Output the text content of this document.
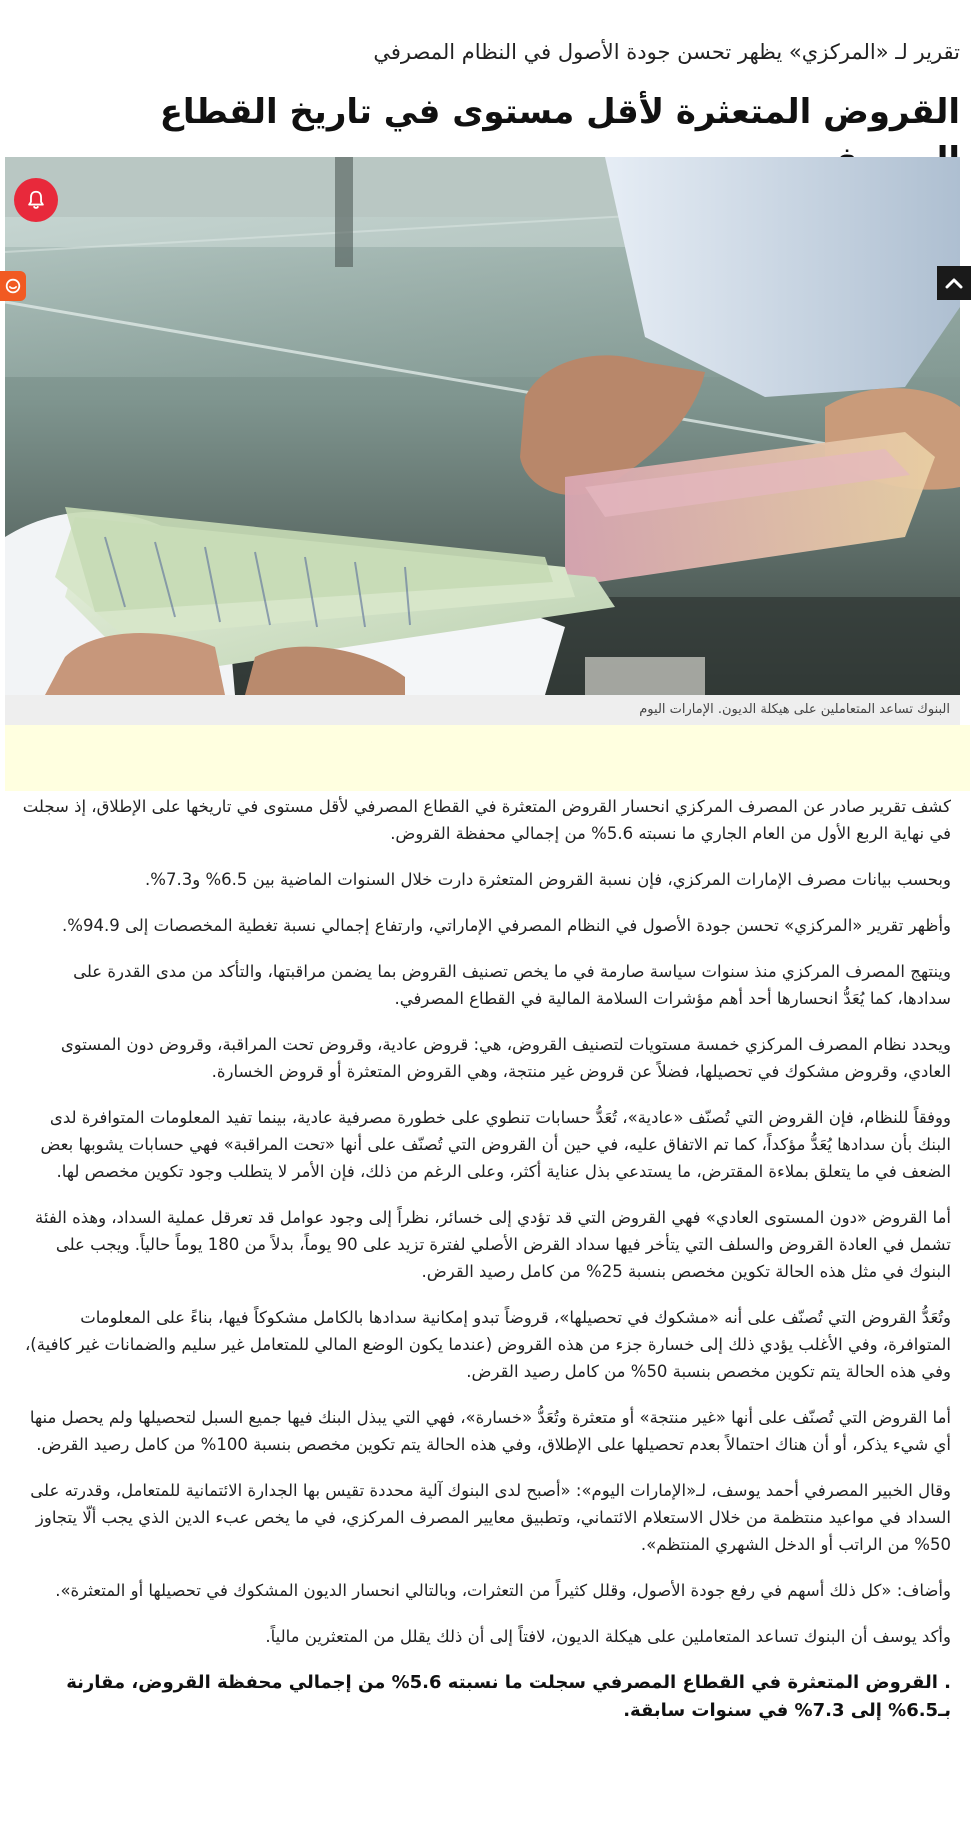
تقرير لـ «المركزي» يظهر تحسن جودة الأصول في النظام المصرفي
القروض المتعثرة لأقل مستوى في تاريخ القطاع
البنوك تساعد المتعاملين على هيكلة الديون. الإمارات اليوم

كشف تقرير صادر عن المصرف المركزي انحسار القروض المتعثرة في القطاع المصرفي لأقل مستوى في تاريخها على الإطلاق، إذ سجلت في نهاية الربع الأول من العام الجاري ما نسبته 5.6% من إجمالي محفظة القروض.

وبحسب بيانات مصرف الإمارات المركزي، فإن نسبة القروض المتعثرة دارت خلال السنوات الماضية بين 6.5% و7.3%.

وأظهر تقرير «المركزي» تحسن جودة الأصول في النظام المصرفي الإماراتي، وارتفاع إجمالي نسبة تغطية المخصصات إلى 94.9%.

وينتهج المصرف المركزي منذ سنوات سياسة صارمة في ما يخص تصنيف القروض بما يضمن مراقبتها، والتأكد من مدى القدرة على سدادها، كما يُعَدُّ انحسارها أحد أهم مؤشرات السلامة المالية في القطاع المصرفي.

ويحدد نظام المصرف المركزي خمسة مستويات لتصنيف القروض، هي: قروض عادية، وقروض تحت المراقبة، وقروض دون المستوى العادي، وقروض مشكوك في تحصيلها، فضلاً عن قروض غير منتجة، وهي القروض المتعثرة أو قروض الخسارة.

ووفقاً للنظام، فإن القروض التي تُصنّف «عادية»، تُعَدُّ حسابات تنطوي على خطورة مصرفية عادية، بينما تفيد المعلومات المتوافرة لدى البنك بأن سدادها يُعَدُّ مؤكداً، كما تم الاتفاق عليه، في حين أن القروض التي تُصنّف على أنها «تحت المراقبة» فهي حسابات يشوبها بعض الضعف في ما يتعلق بملاءة المقترض، ما يستدعي بذل عناية أكثر، وعلى الرغم من ذلك، فإن الأمر لا يتطلب وجود تكوين مخصص لها.

أما القروض «دون المستوى العادي» فهي القروض التي قد تؤدي إلى خسائر، نظراً إلى وجود عوامل قد تعرقل عملية السداد، وهذه الفئة تشمل في العادة القروض والسلف التي يتأخر فيها سداد القرض الأصلي لفترة تزيد على 90 يوماً، بدلاً من 180 يوماً حالياً. ويجب على البنوك في مثل هذه الحالة تكوين مخصص بنسبة 25% من كامل رصيد القرض.

وتُعَدُّ القروض التي تُصنّف على أنه «مشكوك في تحصيلها»، قروضاً تبدو إمكانية سدادها بالكامل مشكوكاً فيها، بناءً على المعلومات المتوافرة، وفي الأغلب يؤدي ذلك إلى خسارة جزء من هذه القروض (عندما يكون الوضع المالي للمتعامل غير سليم والضمانات غير كافية)، وفي هذه الحالة يتم تكوين مخصص بنسبة 50% من كامل رصيد القرض.

أما القروض التي تُصنّف على أنها «غير منتجة» أو متعثرة وتُعَدُّ «خسارة»، فهي التي يبذل البنك فيها جميع السبل لتحصيلها ولم يحصل منها أي شيء يذكر، أو أن هناك احتمالاً بعدم تحصيلها على الإطلاق، وفي هذه الحالة يتم تكوين مخصص بنسبة 100% من كامل رصيد القرض.

وقال الخبير المصرفي أحمد يوسف، لـ«الإمارات اليوم»: «أصبح لدى البنوك آلية محددة تقيس بها الجدارة الائتمانية للمتعامل، وقدرته على السداد في مواعيد منتظمة من خلال الاستعلام الائتماني، وتطبيق معايير المصرف المركزي، في ما يخص عبء الدين الذي يجب ألّا يتجاوز 50% من الراتب أو الدخل الشهري المنتظم».

وأضاف: «كل ذلك أسهم في رفع جودة الأصول، وقلل كثيراً من التعثرات، وبالتالي انحسار الديون المشكوك في تحصيلها أو المتعثرة».

وأكد يوسف أن البنوك تساعد المتعاملين على هيكلة الديون، لافتاً إلى أن ذلك يقلل من المتعثرين مالياً.

. القروض المتعثرة في القطاع المصرفي سجلت ما نسبته 5.6% من إجمالي محفظة القروض، مقارنة بـ6.5% إلى 7.3% في سنوات سابقة.
